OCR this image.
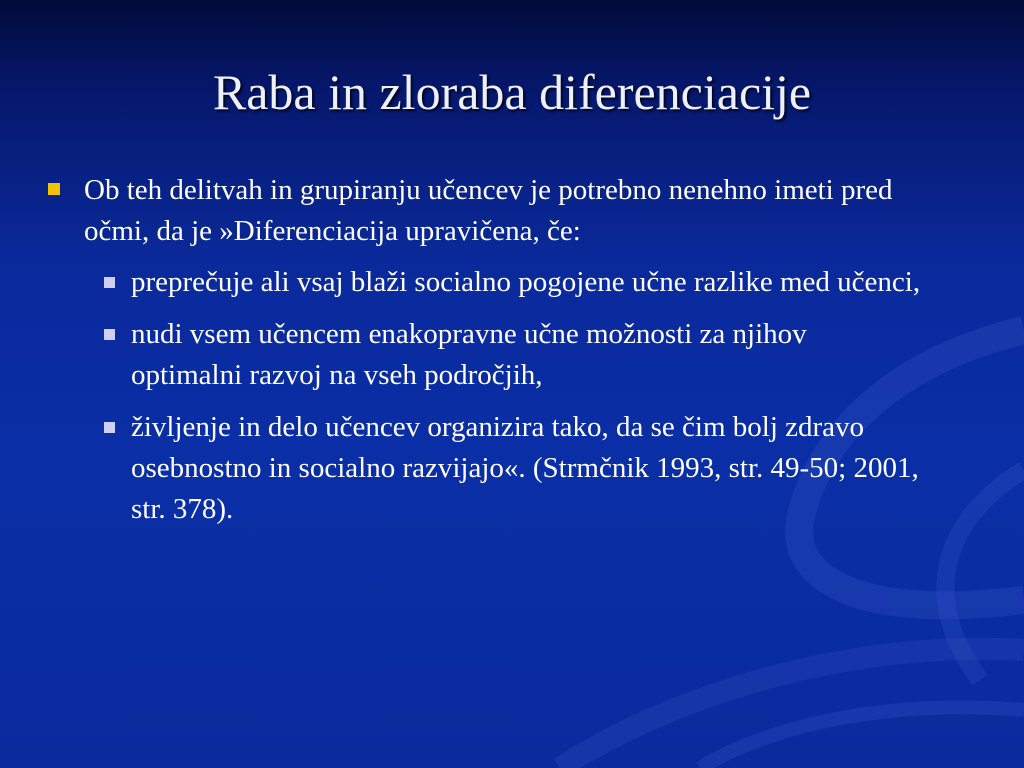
Raba in zloraba diferenciacije
Ob teh delitvah in grupiranju učencev je potrebno nenehno imeti pred očmi, da je »Diferenciacija upravičena, če:
preprečuje ali vsaj blaži socialno pogojene učne razlike med učenci,
nudi vsem učencem enakopravne učne možnosti za njihov optimalni razvoj na vseh področjih,
življenje in delo učencev organizira tako, da se čim bolj zdravo osebnostno in socialno razvijajo«. (Strmčnik 1993, str. 49-50; 2001, str. 378).
